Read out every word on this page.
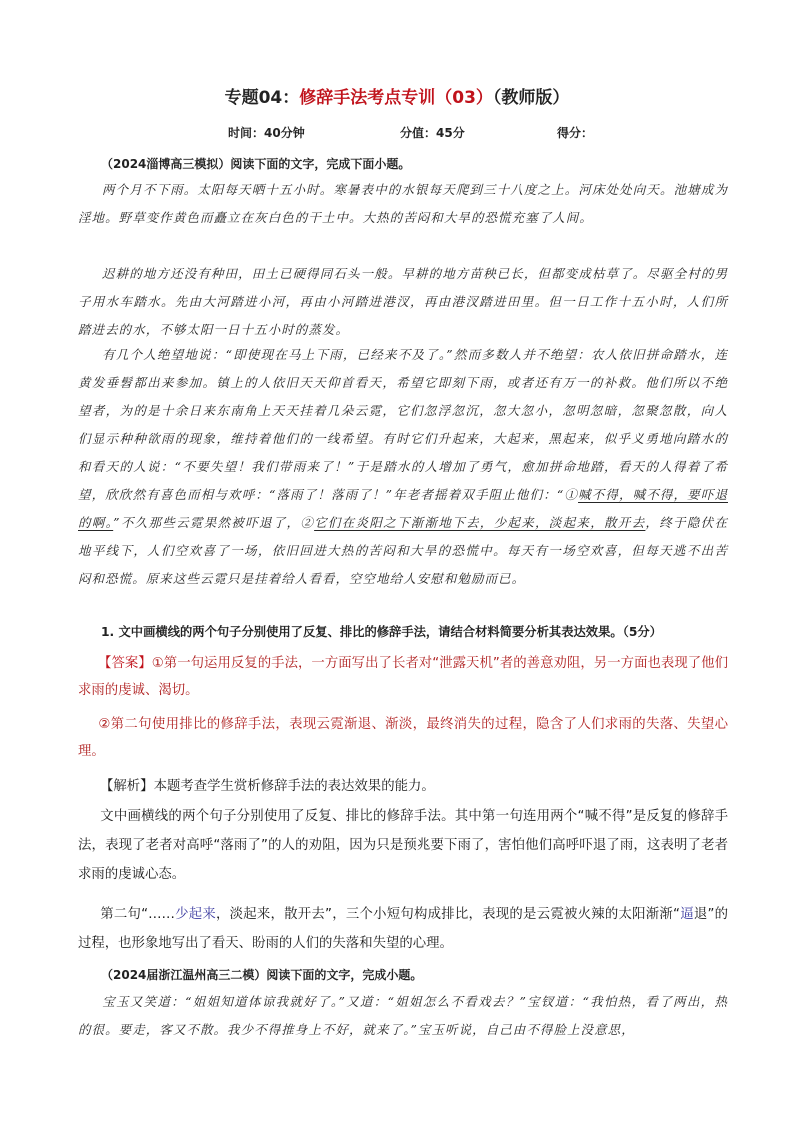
专题04：修辞手法考点专训（03）（教师版）
时间：40分钟	分值：45分	得分：
（2024淄博高三模拟）阅读下面的文字，完成下面小题。
两个月不下雨。太阳每天晒十五小时。寒暑表中的水银每天爬到三十八度之上。河床处处向天。池塘成为淫地。野草变作黄色而矗立在灰白色的干土中。大热的苦闷和大旱的恐慌充塞了人间。
迟耕的地方还没有种田，田土已硬得同石头一般。早耕的地方苗秧已长，但都变成枯草了。尽驱全村的男子用水车踏水。先由大河踏进小河，再由小河踏进港汊，再由港汊踏进田里。但一日工作十五小时，人们所踏进去的水，不够太阳一日十五小时的蒸发。
有几个人绝望地说：“即使现在马上下雨，已经来不及了。”然而多数人并不绝望：农人依旧拼命踏水，连黄发垂髫都出来参加。镇上的人依旧天天仰首看天，希望它即刻下雨，或者还有万一的补救。他们所以不绝望者，为的是十余日来东南角上天天挂着几朵云霓，它们忽浮忽沉，忽大忽小，忽明忽暗，忽聚忽散，向人们显示种种欲雨的现象，维持着他们的一线希望。有时它们升起来，大起来，黑起来，似乎义勇地向踏水的和看天的人说：“不要失望！我们带雨来了！”于是踏水的人增加了勇气，愈加拼命地踏，看天的人得着了希望，欣欣然有喜色而相与欢呼：“落雨了！落雨了！”年老者摇着双手阻止他们：“①喊不得，喊不得，要吓退的啊。”不久那些云霓果然被吓退了，②它们在炎阳之下渐渐地下去，少起来，淡起来，散开去，终于隐伏在地平线下，人们空欢喜了一场，依旧回进大热的苦闷和大旱的恐慌中。每天有一场空欢喜，但每天逃不出苦闷和恐慌。原来这些云霓只是挂着给人看看，空空地给人安慰和勉励而已。
1. 文中画横线的两个句子分别使用了反复、排比的修辞手法，请结合材料简要分析其表达效果。（5分）
【答案】①第一句运用反复的手法，一方面写出了长者对“泄露天机”者的善意劝阻，另一方面也表现了他们求雨的虔诚、渴切。
②第二句使用排比的修辞手法，表现云霓渐退、渐淡，最终消失的过程，隐含了人们求雨的失落、失望心理。
【解析】本题考查学生赏析修辞手法的表达效果的能力。
文中画横线的两个句子分别使用了反复、排比的修辞手法。其中第一句连用两个“喊不得”是反复的修辞手法，表现了老者对高呼“落雨了”的人的劝阻，因为只是预兆要下雨了，害怕他们高呼吓退了雨，这表明了老者求雨的虔诚心态。
第二句“……少起来，淡起来，散开去”，三个小短句构成排比，表现的是云霓被火辣的太阳渐渐“逼退”的过程，也形象地写出了看天、盼雨的人们的失落和失望的心理。
（2024届浙江温州高三二模）阅读下面的文字，完成小题。
宝玉又笑道：“姐姐知道体谅我就好了。”又道：“姐姐怎么不看戏去？”宝钗道：“我怕热，看了两出，热的很。要走，客又不散。我少不得推身上不好，就来了。”宝玉听说，自己由不得脸上没意思，
